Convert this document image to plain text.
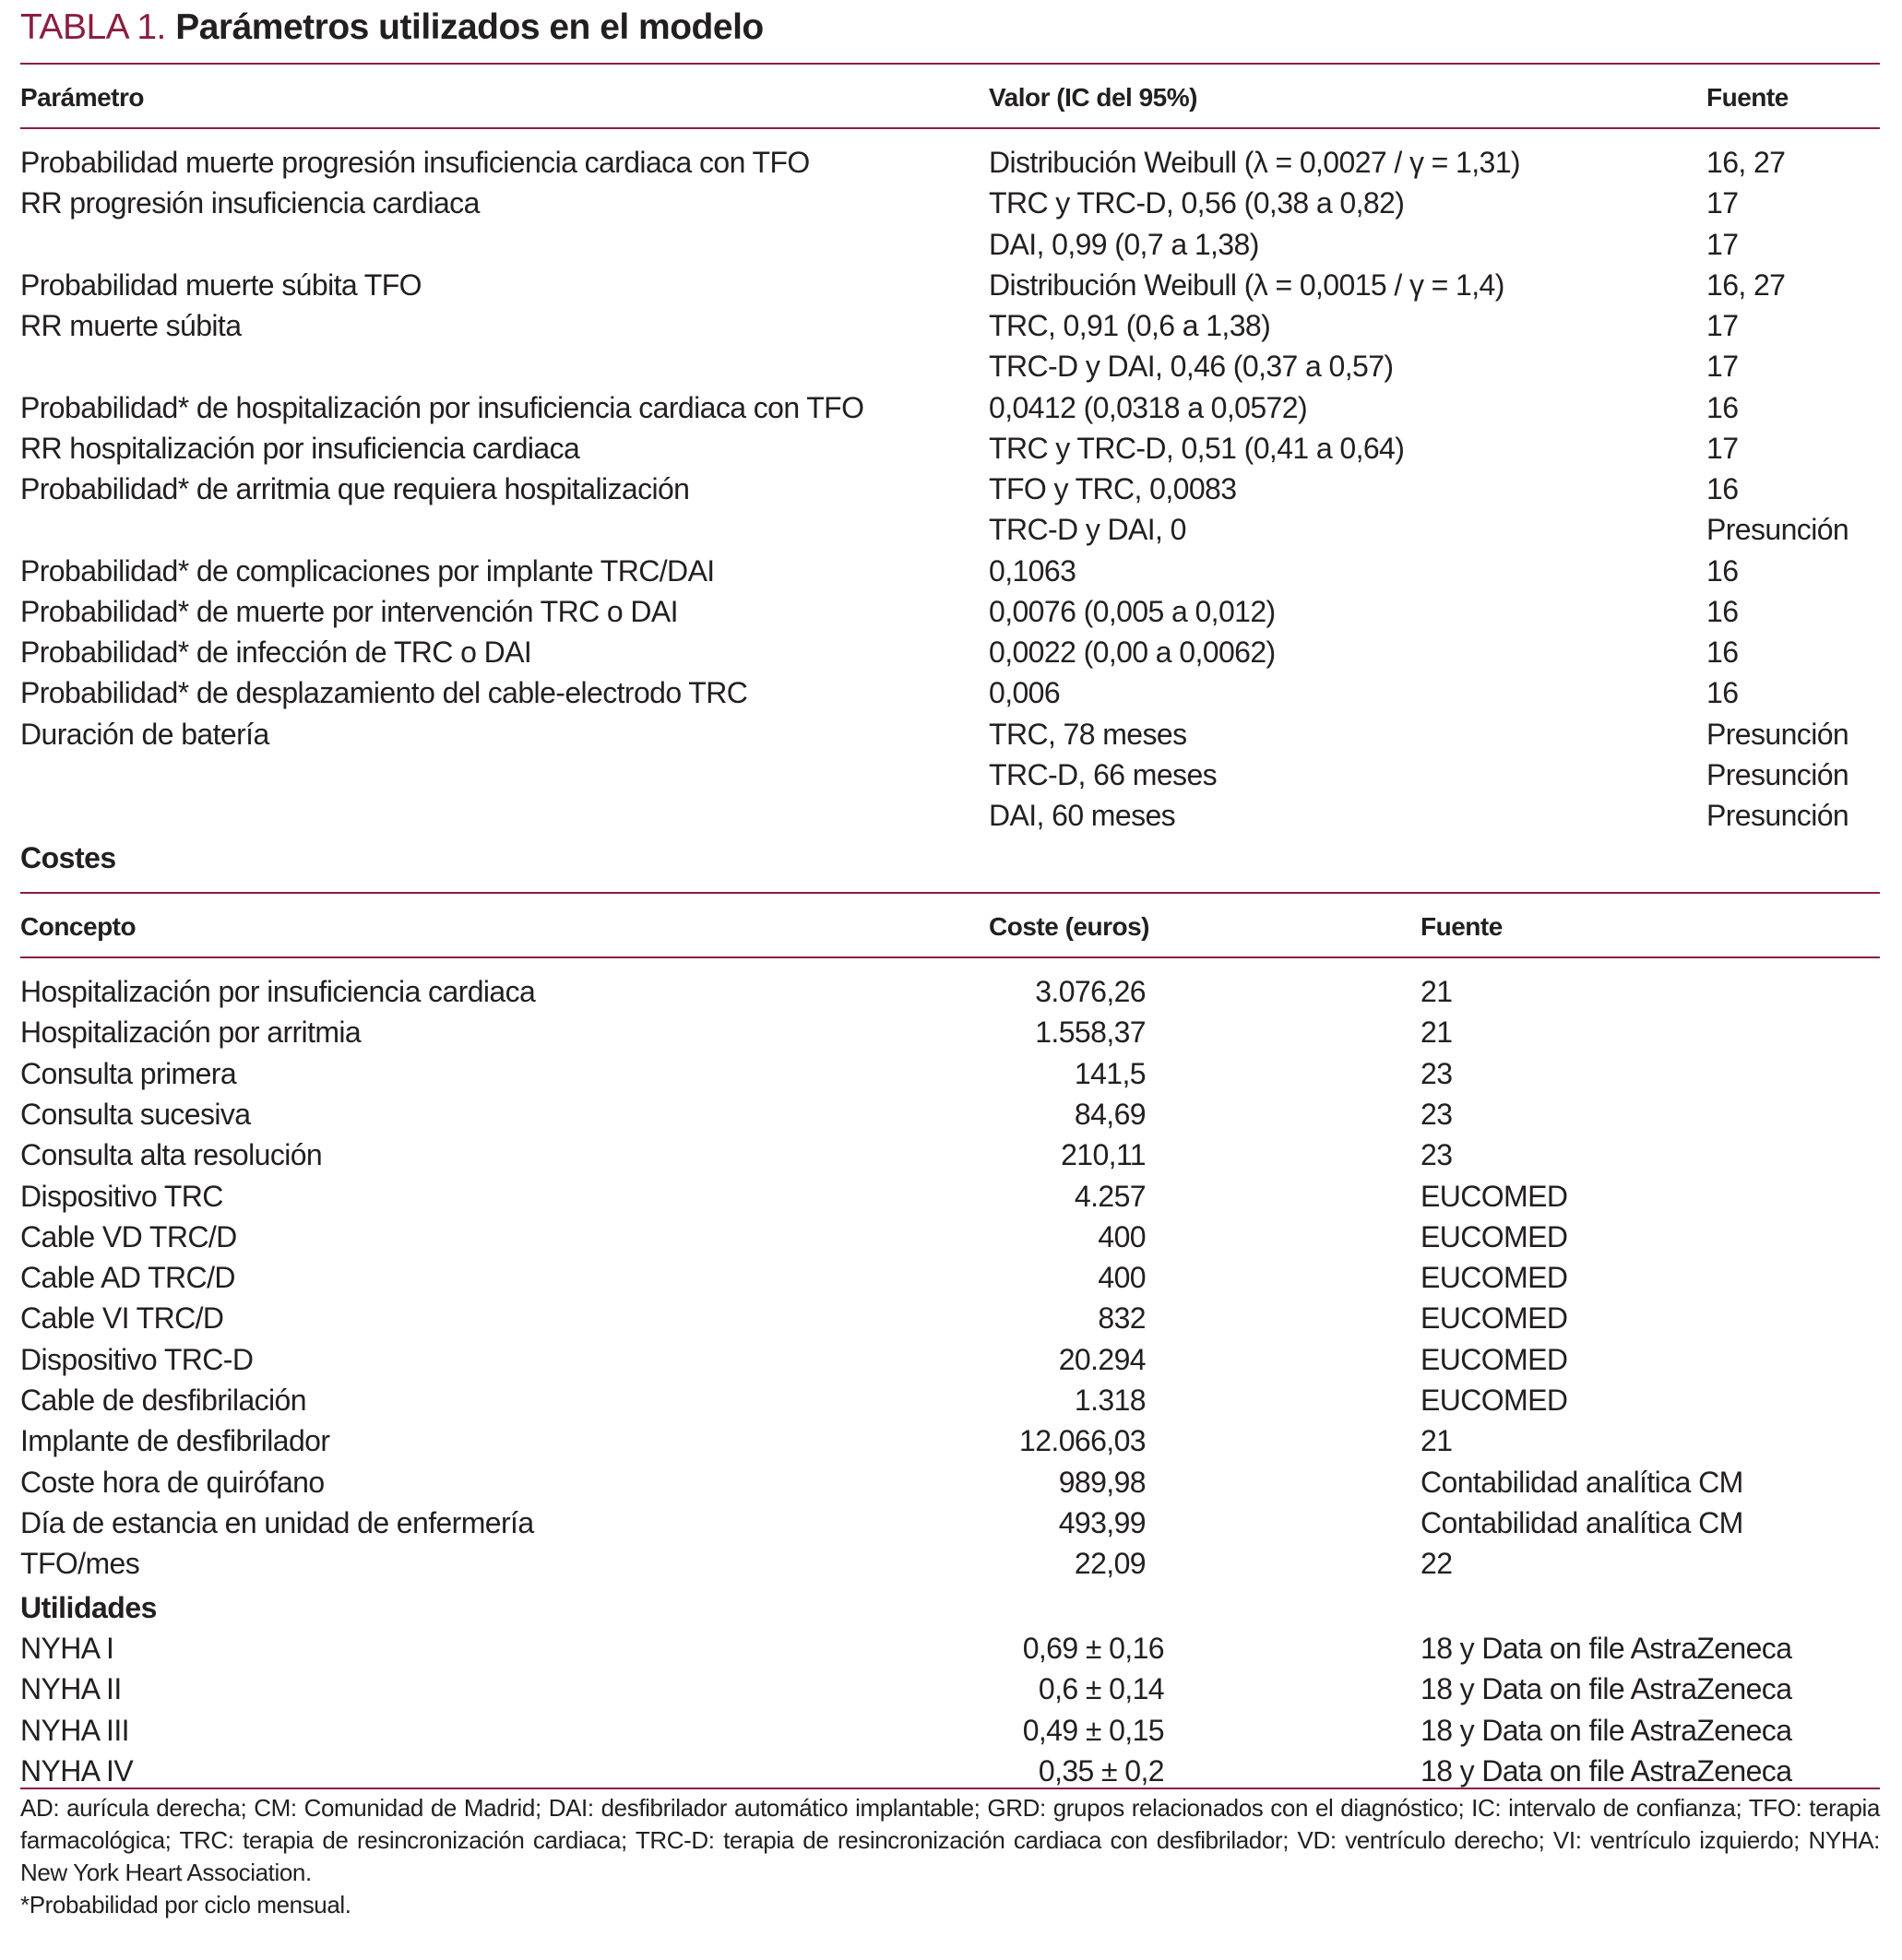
TABLA 1. Parámetros utilizados en el modelo
Parámetro	Valor (IC del 95%)	Fuente
Probabilidad muerte progresión insuficiencia cardiaca con TFO	Distribución Weibull (λ = 0,0027 / γ = 1,31)	16, 27
RR progresión insuficiencia cardiaca	TRC y TRC-D, 0,56 (0,38 a 0,82)	17
DAI, 0,99 (0,7 a 1,38)	17
Probabilidad muerte súbita TFO	Distribución Weibull (λ = 0,0015 / γ = 1,4)	16, 27
RR muerte súbita	TRC, 0,91 (0,6 a 1,38)	17
TRC-D y DAI, 0,46 (0,37 a 0,57)	17
Probabilidad* de hospitalización por insuficiencia cardiaca con TFO	0,0412 (0,0318 a 0,0572)	16
RR hospitalización por insuficiencia cardiaca	TRC y TRC-D, 0,51 (0,41 a 0,64)	17
Probabilidad* de arritmia que requiera hospitalización	TFO y TRC, 0,0083	16
TRC-D y DAI, 0	Presunción
Probabilidad* de complicaciones por implante TRC/DAI	0,1063	16
Probabilidad* de muerte por intervención TRC o DAI	0,0076 (0,005 a 0,012)	16
Probabilidad* de infección de TRC o DAI	0,0022 (0,00 a 0,0062)	16
Probabilidad* de desplazamiento del cable-electrodo TRC	0,006	16
Duración de batería	TRC, 78 meses	Presunción
TRC-D, 66 meses	Presunción
DAI, 60 meses	Presunción
Costes
Concepto	Coste (euros)	Fuente
Hospitalización por insuficiencia cardiaca	3.076,26	21
Hospitalización por arritmia	1.558,37	21
Consulta primera	141,5	23
Consulta sucesiva	84,69	23
Consulta alta resolución	210,11	23
Dispositivo TRC	4.257	EUCOMED
Cable VD TRC/D	400	EUCOMED
Cable AD TRC/D	400	EUCOMED
Cable VI TRC/D	832	EUCOMED
Dispositivo TRC-D	20.294	EUCOMED
Cable de desfibrilación	1.318	EUCOMED
Implante de desfibrilador	12.066,03	21
Coste hora de quirófano	989,98	Contabilidad analítica CM
Día de estancia en unidad de enfermería	493,99	Contabilidad analítica CM
TFO/mes	22,09	22
Utilidades
NYHA I	0,69 ± 0,16	18 y Data on file AstraZeneca
NYHA II	0,6 ± 0,14	18 y Data on file AstraZeneca
NYHA III	0,49 ± 0,15	18 y Data on file AstraZeneca
NYHA IV	0,35 ± 0,2	18 y Data on file AstraZeneca

AD: aurícula derecha; CM: Comunidad de Madrid; DAI: desfibrilador automático implantable; GRD: grupos relacionados con el diagnóstico; IC: intervalo de confianza; TFO: terapia farmacológica; TRC: terapia de resincronización cardiaca; TRC-D: terapia de resincronización cardiaca con desfibrilador; VD: ventrículo derecho; VI: ventrículo izquierdo; NYHA: New York Heart Association.

*Probabilidad por ciclo mensual.
